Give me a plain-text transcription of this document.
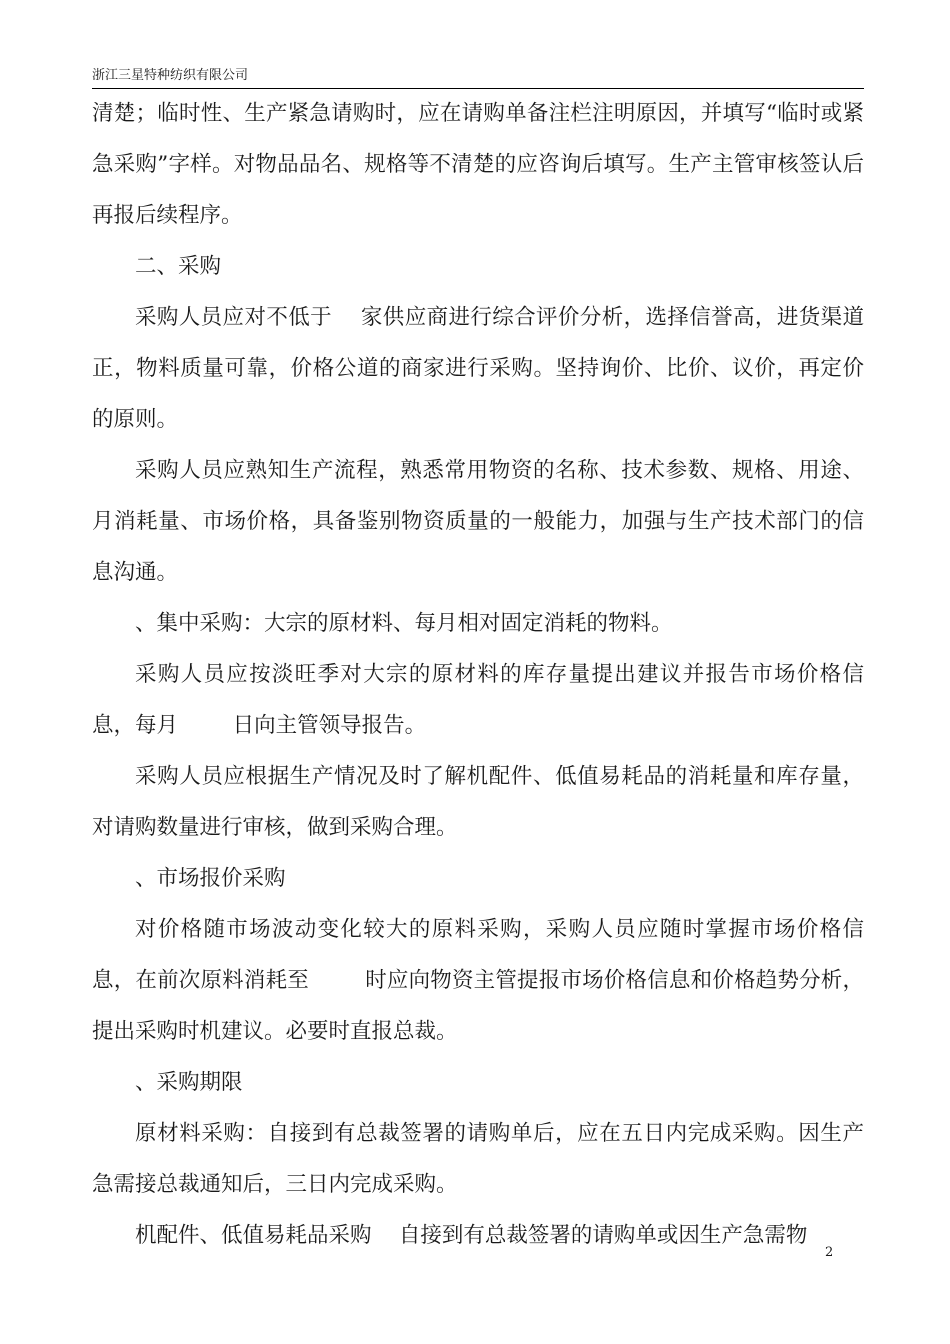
浙江三星特种纺织有限公司

清楚；临时性、生产紧急请购时，应在请购单备注栏注明原因，并填写“临时或紧急采购”字样。对物品品名、规格等不清楚的应咨询后填写。生产主管审核签认后再报后续程序。

二、采购

采购人员应对不低于    家供应商进行综合评价分析，选择信誉高，进货渠道正，物料质量可靠，价格公道的商家进行采购。坚持询价、比价、议价，再定价的原则。

采购人员应熟知生产流程，熟悉常用物资的名称、技术参数、规格、用途、月消耗量、市场价格，具备鉴别物资质量的一般能力，加强与生产技术部门的信息沟通。

、集中采购：大宗的原材料、每月相对固定消耗的物料。

采购人员应按淡旺季对大宗的原材料的库存量提出建议并报告市场价格信息，每月        日向主管领导报告。

采购人员应根据生产情况及时了解机配件、低值易耗品的消耗量和库存量，对请购数量进行审核，做到采购合理。

、市场报价采购

对价格随市场波动变化较大的原料采购，采购人员应随时掌握市场价格信息，在前次原料消耗至        时应向物资主管提报市场价格信息和价格趋势分析，提出采购时机建议。必要时直报总裁。

、采购期限

原材料采购：自接到有总裁签署的请购单后，应在五日内完成采购。因生产急需接总裁通知后，三日内完成采购。

机配件、低值易耗品采购    自接到有总裁签署的请购单或因生产急需物

2
